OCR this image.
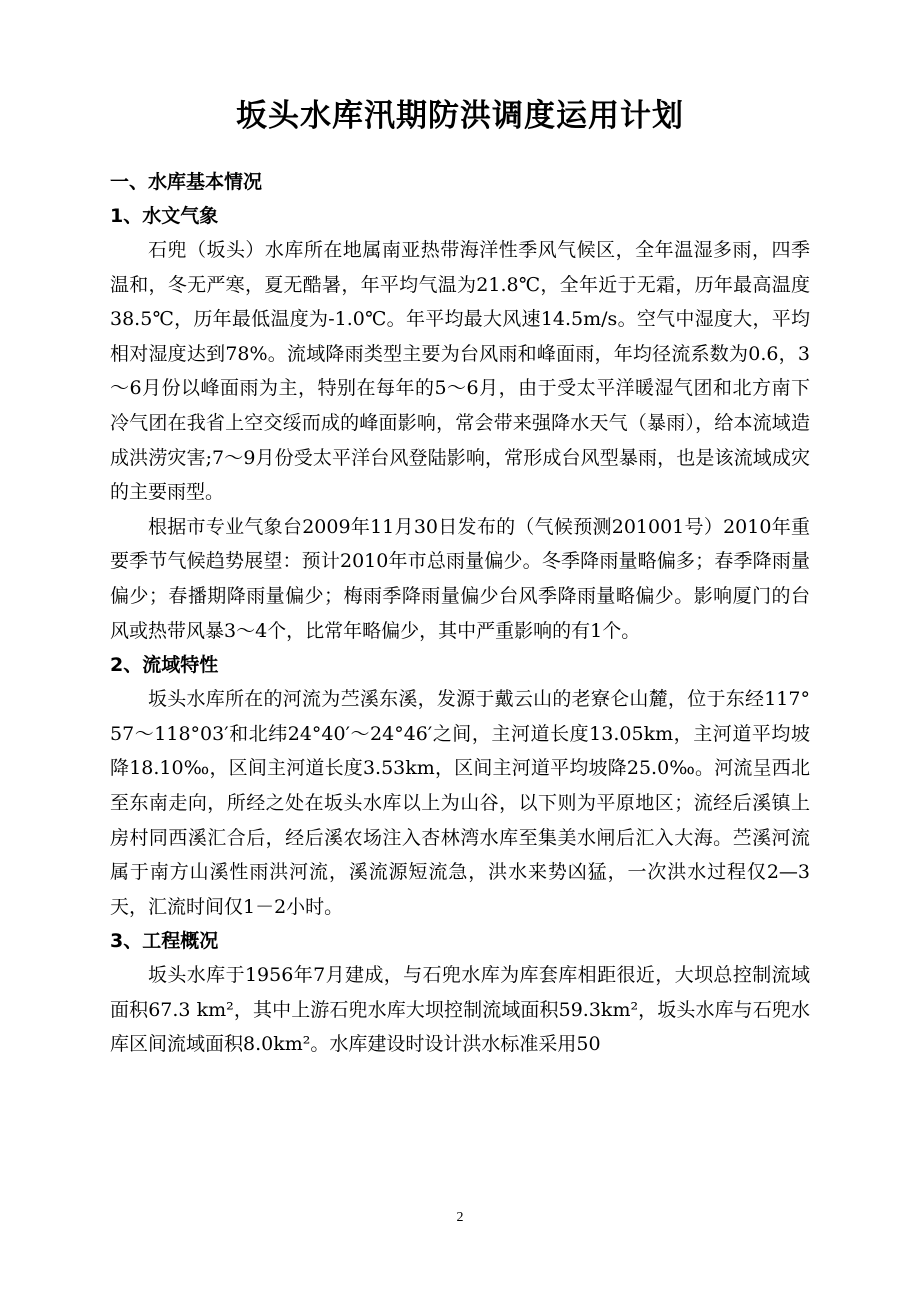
坂头水库汛期防洪调度运用计划
一、水库基本情况
1、水文气象

石兜（坂头）水库所在地属南亚热带海洋性季风气候区，全年温湿多雨，四季温和，冬无严寒，夏无酷暑，年平均气温为21.8℃，全年近于无霜，历年最高温度38.5℃，历年最低温度为-1.0℃。年平均最大风速14.5m/s。空气中湿度大，平均相对湿度达到78%。流域降雨类型主要为台风雨和峰面雨，年均径流系数为0.6，3～6月份以峰面雨为主，特别在每年的5～6月，由于受太平洋暖湿气团和北方南下冷气团在我省上空交绥而成的峰面影响，常会带来强降水天气（暴雨），给本流域造成洪涝灾害;7～9月份受太平洋台风登陆影响，常形成台风型暴雨，也是该流域成灾的主要雨型。

根据市专业气象台2009年11月30日发布的（气候预测201001号）2010年重要季节气候趋势展望：预计2010年市总雨量偏少。冬季降雨量略偏多；春季降雨量偏少；春播期降雨量偏少；梅雨季降雨量偏少台风季降雨量略偏少。影响厦门的台风或热带风暴3～4个，比常年略偏少，其中严重影响的有1个。

2、流域特性

坂头水库所在的河流为苎溪东溪，发源于戴云山的老寮仑山麓，位于东经117°57～118°03′和北纬24°40′～24°46′之间，主河道长度13.05km，主河道平均坡降18.10‰，区间主河道长度3.53km，区间主河道平均坡降25.0‰。河流呈西北至东南走向，所经之处在坂头水库以上为山谷，以下则为平原地区；流经后溪镇上房村同西溪汇合后，经后溪农场注入杏林湾水库至集美水闸后汇入大海。苎溪河流属于南方山溪性雨洪河流，溪流源短流急，洪水来势凶猛，一次洪水过程仅2—3天，汇流时间仅1－2小时。

3、工程概况

坂头水库于1956年7月建成，与石兜水库为库套库相距很近，大坝总控制流域面积67.3 km²，其中上游石兜水库大坝控制流域面积59.3km²，坂头水库与石兜水库区间流域面积8.0km²。水库建设时设计洪水标准采用50

2
